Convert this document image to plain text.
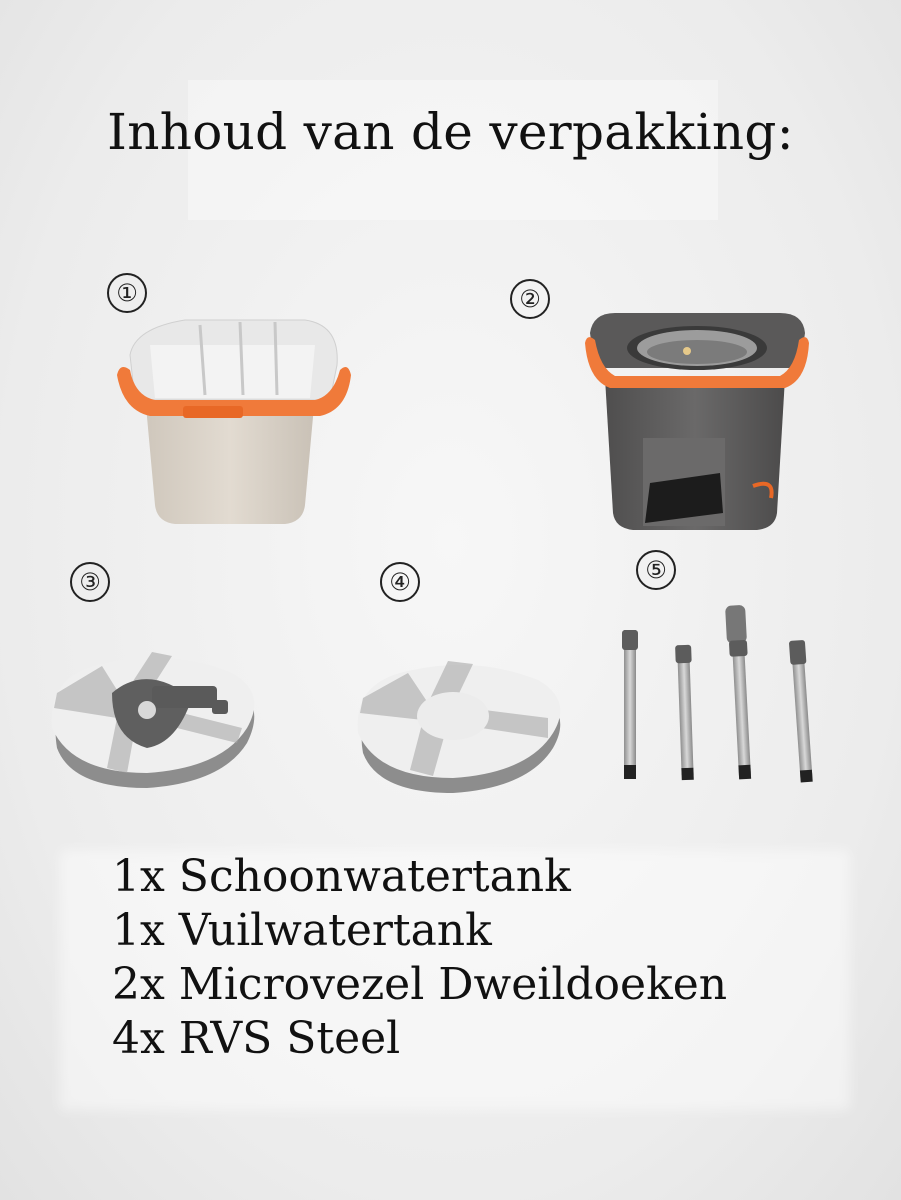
Inhoud van de verpakking:
①	②
③	④	⑤
1x Schoonwatertank
1x Vuilwatertank
2x Microvezel Dweildoeken
4x RVS Steel
